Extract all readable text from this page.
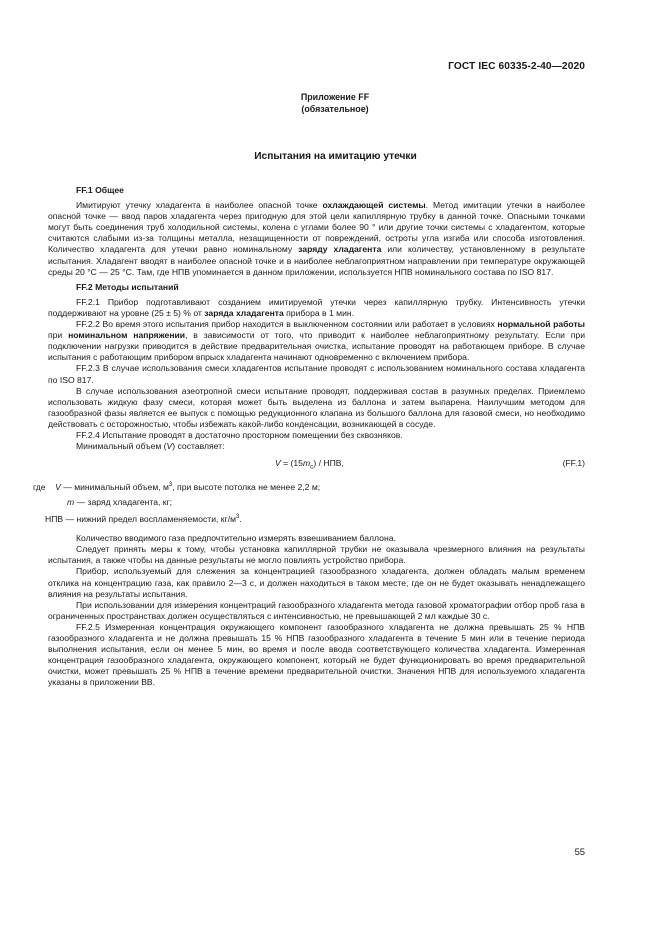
ГОСТ IEC 60335-2-40—2020
Приложение FF
(обязательное)
Испытания на имитацию утечки

FF.1 Общее

Имитируют утечку хладагента в наиболее опасной точке охлаждающей системы. Метод имитации утечки в наиболее опасной точке — ввод паров хладагента через пригодную для этой цели капиллярную трубку в данной точке. Опасными точками могут быть соединения труб холодильной системы, колена с углами более 90 ° или другие точки системы с хладагентом, которые считаются слабыми из-за толщины металла, незащищенности от повреждений, остроты угла изгиба или способа изготовления. Количество хладагента для утечки равно номинальному заряду хладагента или количеству, установленному в результате испытания. Хладагент вводят в наиболее опасной точке и в наиболее неблагоприятном направлении при температуре окружающей среды 20 °С — 25 °С. Там, где НПВ упоминается в данном приложении, используется НПВ номинального состава по ISO 817.

FF.2 Методы испытаний

FF.2.1 Прибор подготавливают созданием имитируемой утечки через капиллярную трубку. Интенсивность утечки поддерживают на уровне (25 ± 5) % от заряда хладагента прибора в 1 мин.

FF.2.2 Во время этого испытания прибор находится в выключенном состоянии или работает в условиях нормальной работы при номинальном напряжении, в зависимости от того, что приводит к наиболее неблагоприятному результату. Если при подключении нагрузки приводится в действие предварительная очистка, испытание проводят на работающем приборе. В случае испытания с работающим прибором впрыск хладагента начинают одновременно с включением прибора.

FF.2.3 В случае использования смеси хладагентов испытание проводят с использованием номинального состава хладагента по ISO 817.

В случае использования азеотропной смеси испытание проводят, поддерживая состав в разумных пределах. Приемлемо использовать жидкую фазу смеси, которая может быть выделена из баллона и затем выпарена. Наилучшим методом для газообразной фазы является ее выпуск с помощью редукционного клапана из большого баллона для газовой смеси, но необходимо действовать с осторожностью, чтобы избежать какой-либо конденсации, возникающей в сосуде.

FF.2.4 Испытание проводят в достаточно просторном помещении без сквозняков.

Минимальный объем (V) составляет:

$V = (15m_c)$ / НПВ,	(FF.1)
где V — минимальный объем, $м^3$, при высоте потолка не менее 2,2 м;
m — заряд хладагента, кг;
НПВ — нижний предел воспламеняемости, $кг/м^3$.

Количество вводимого газа предпочтительно измерять взвешиванием баллона.

Следует принять меры к тому, чтобы установка капиллярной трубки не оказывала чрезмерного влияния на результаты испытания, а также чтобы на данные результаты не могло повлиять устройство прибора.

Прибор, используемый для слежения за концентрацией газообразного хладагента, должен обладать малым временем отклика на концентрацию газа, как правило 2—3 с, и должен находиться в таком месте, где он не будет оказывать ненадлежащего влияния на результаты испытания.

При использовании для измерения концентраций газообразного хладагента метода газовой хроматографии отбор проб газа в ограниченных пространствах должен осуществляться с интенсивностью, не превышающей 2 мл каждые 30 с.

FF.2.5 Измеренная концентрация окружающего компонент газообразного хладагента не должна превышать 25 % НПВ газообразного хладагента и не должна превышать 15 % НПВ газообразного хладагента в течение 5 мин или в течение периода выполнения испытания, если он менее 5 мин, во время и после ввода соответствующего количества хладагента. Измеренная концентрация газообразного хладагента, окружающего компонент, который не будет функционировать во время предварительной очистки, может превышать 25 % НПВ в течение времени предварительной очистки. Значения НПВ для используемого хладагента указаны в приложении ВВ.

55
